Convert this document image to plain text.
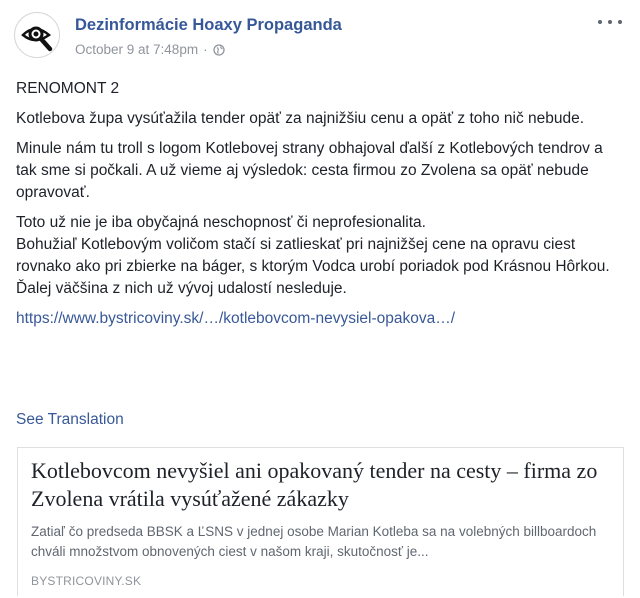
Dezinformácie Hoaxy Propaganda
October 9 at 7:48pm ·

RENOMONT 2

Kotlebova župa vysúťažila tender opäť za najnižšiu cenu a opäť z toho nič nebude.

Minule nám tu troll s logom Kotlebovej strany obhajoval ďalší z Kotlebových tendrov a tak sme si počkali. A už vieme aj výsledok: cesta firmou zo Zvolena sa opäť nebude opravovať.

Toto už nie je iba obyčajná neschopnosť či neprofesionalita.

Bohužiaľ Kotlebovým voličom stačí si zatlieskať pri najnižšej cene na opravu ciest rovnako ako pri zbierke na báger, s ktorým Vodca urobí poriadok pod Krásnou Hôrkou.

Ďalej väčšina z nich už vývoj udalostí nesleduje.

https://www.bystricoviny.sk/…/kotlebovcom-nevysiel-opakova…/

See Translation
Kotlebovcom nevyšiel ani opakovaný tender na cesty – firma zo Zvolena vrátila vysúťažené zákazky
Zatiaľ čo predseda BBSK a ĽSNS v jednej osobe Marian Kotleba sa na volebných billboardoch chváli množstvom obnovených ciest v našom kraji, skutočnosť je...
BYSTRICOVINY.SK
